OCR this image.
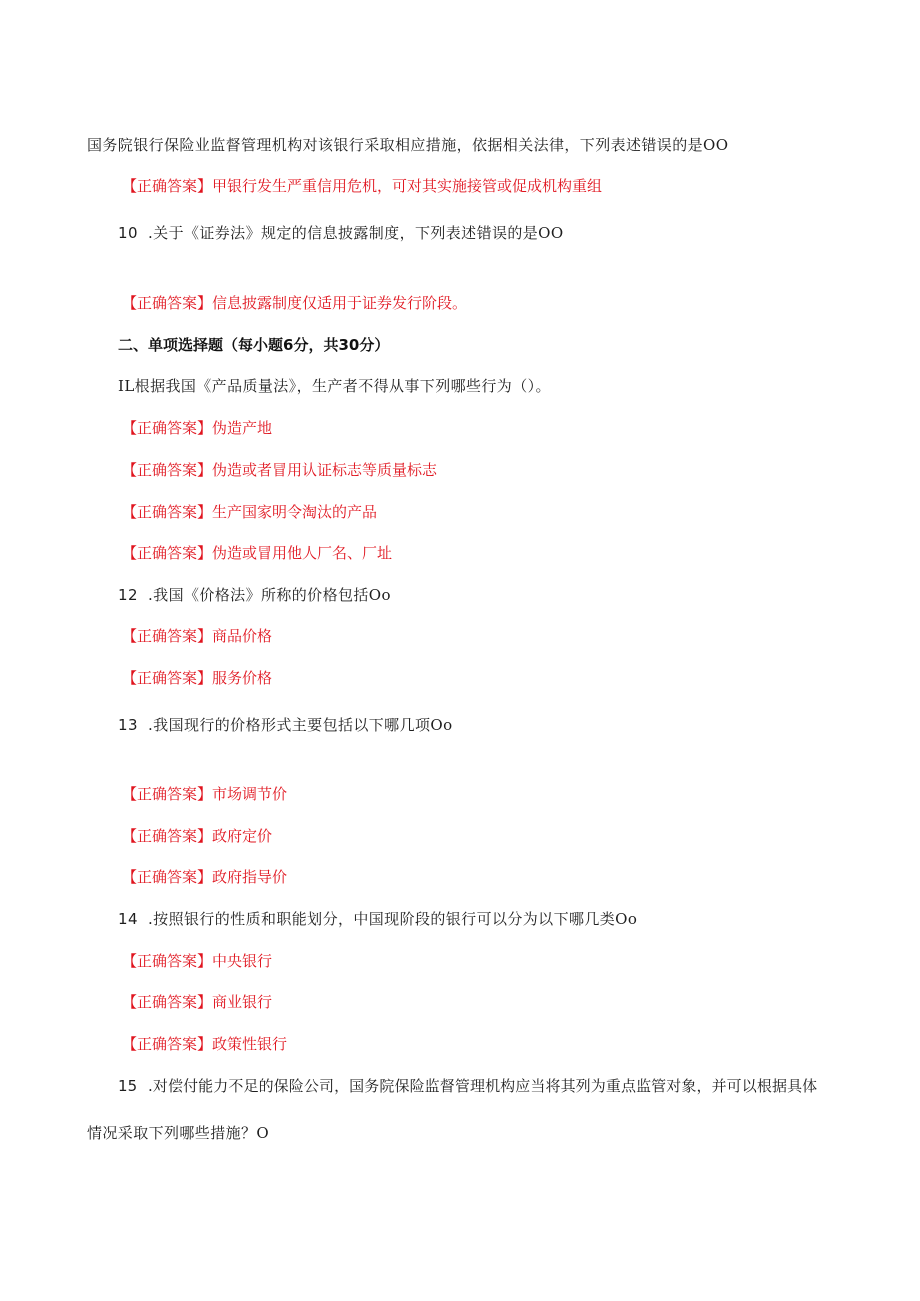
国务院银行保险业监督管理机构对该银行采取相应措施，依据相关法律，下列表述错误的是OO
【正确答案】甲银行发生严重信用危机，可对其实施接管或促成机构重组
10 .关于《证券法》规定的信息披露制度，下列表述错误的是OO
【正确答案】信息披露制度仅适用于证券发行阶段。
二、单项选择题（每小题6分，共30分）
IL根据我国《产品质量法》，生产者不得从事下列哪些行为（）。
【正确答案】伪造产地
【正确答案】伪造或者冒用认证标志等质量标志
【正确答案】生产国家明令淘汰的产品
【正确答案】伪造或冒用他人厂名、厂址
12 .我国《价格法》所称的价格包括Oo
【正确答案】商品价格
【正确答案】服务价格
13 .我国现行的价格形式主要包括以下哪几项Oo
【正确答案】市场调节价
【正确答案】政府定价
【正确答案】政府指导价
14 .按照银行的性质和职能划分，中国现阶段的银行可以分为以下哪几类Oo
【正确答案】中央银行
【正确答案】商业银行
【正确答案】政策性银行
15 .对偿付能力不足的保险公司，国务院保险监督管理机构应当将其列为重点监管对象，并可以根据具体
情况采取下列哪些措施？O
